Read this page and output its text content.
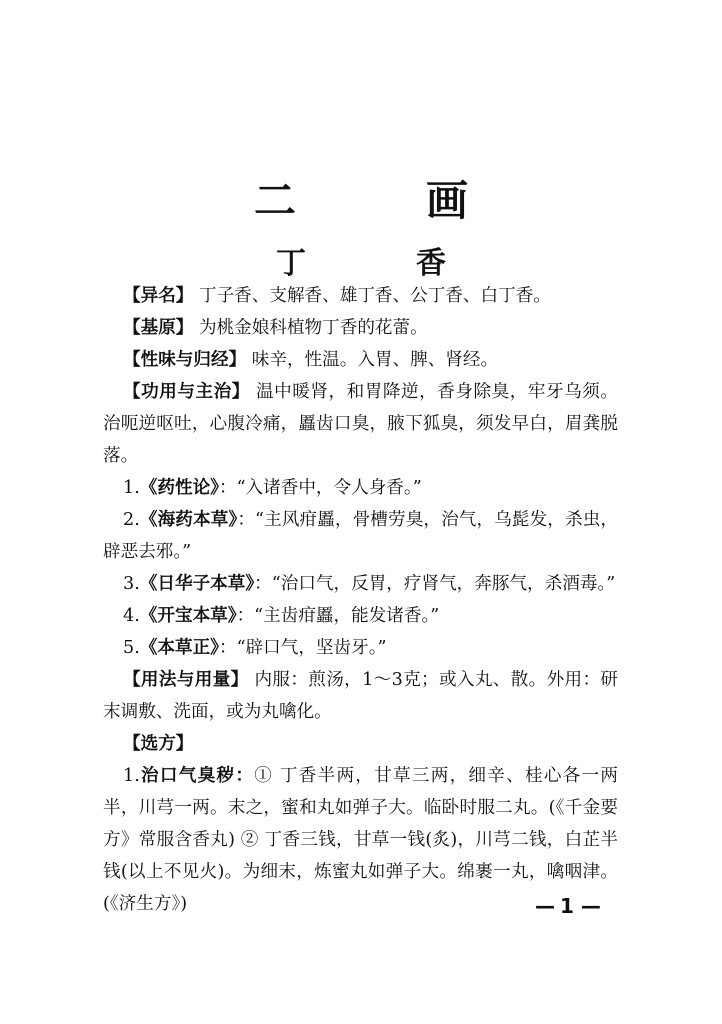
二　画
丁　香

【异名】 丁子香、支解香、雄丁香、公丁香、白丁香。

【基原】 为桃金娘科植物丁香的花蕾。

【性味与归经】 味辛，性温。入胃、脾、肾经。

【功用与主治】 温中暖肾，和胃降逆，香身除臭，牢牙乌须。治呃逆呕吐，心腹冷痛，䘌齿口臭，腋下狐臭，须发早白，眉龚脱落。

1.《药性论》：“入诸香中，令人身香。”

2.《海药本草》：“主风疳䘌，骨槽劳臭，治气，乌髭发，杀虫，辟恶去邪。”

3.《日华子本草》：“治口气，反胃，疗肾气，奔豚气，杀酒毒。”

4.《开宝本草》：“主齿疳䘌，能发诸香。”

5.《本草正》：“辟口气，坚齿牙。”

【用法与用量】 内服：煎汤，1～3克；或入丸、散。外用：研末调敷、洗面，或为丸噙化。

【选方】

1.治口气臭秽：① 丁香半两，甘草三两，细辛、桂心各一两半，川芎一两。末之，蜜和丸如弹子大。临卧时服二丸。(《千金要方》常服含香丸) ② 丁香三钱，甘草一钱(炙)，川芎二钱，白芷半钱(以上不见火)。为细末，炼蜜丸如弹子大。绵裹一丸，噙咽津。(《济生方》)	— 1 —
